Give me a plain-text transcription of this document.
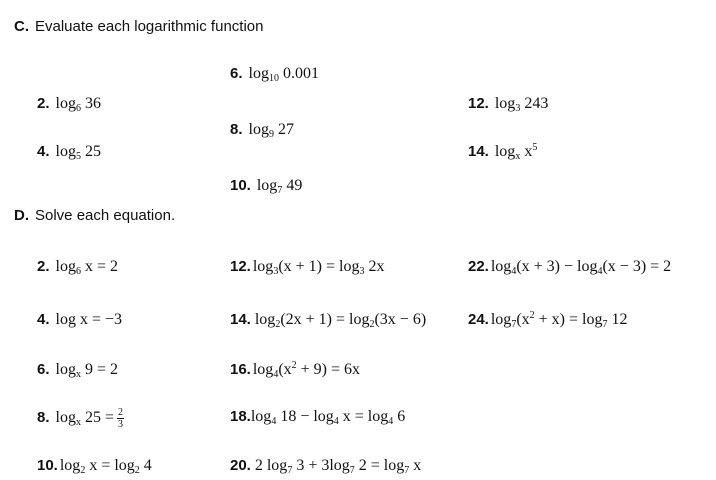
C. Evaluate each logarithmic function
6. $\log_{10} 0.001$
2. $\log_6 36$	12. $\log_3 243$
8. $\log_9 27$
4. $\log_5 25$	14. $\log_x x^5$
10. $\log_7 49$
D. Solve each equation.
2. $\log_6 x = 2$
4. log x = −3
6. $\log_x 9 = 2$
8. $\log_x 25 = \frac{2}{3}$
10. $\log_2 x = \log_2 4$
12. $\log_3(x + 1) = \log_3 2x$
14. $\log_2(2x + 1) = \log_2(3x - 6)$
16. $\log_4(x^2 + 9) = 6x$
$18.\log_4$ $18 - \log_4 x = \log_4 6$
20. 2 $\log_7 3 + 3\log_7$ $2 = \log_7 x$
22. $\log_4(x + 3) - \log_4(x - 3) = 2$
24. $\log_7(x^2 + x) = \log_7 12$
